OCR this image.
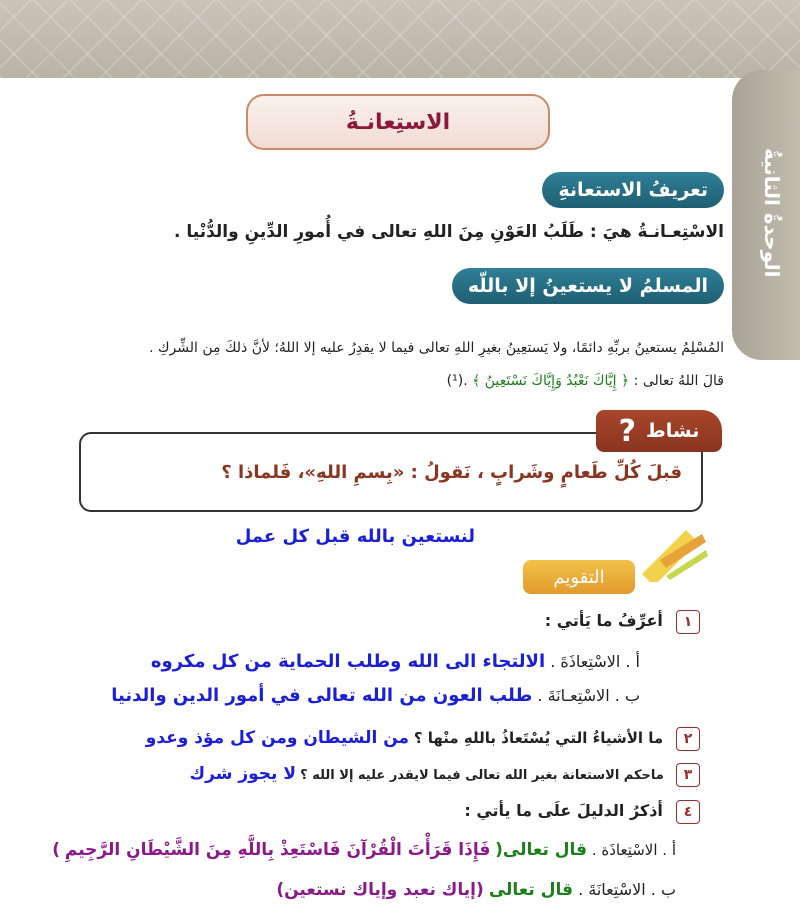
الوحدةُ الثانيةُ
الاستِعانـةُ
تعريفُ الاستعانةِ
الاسْتِعـانـةُ هيَ : طَلَبُ العَوْنِ مِنَ اللهِ تعالى في أُمورِ الدِّينِ والدُّنْيا .
المسلمُ لا يستعينُ إلا باللّه
المُسْلِمُ يستعينُ بربِّهِ دائمًا، ولا يَستعِينُ بغيرِ اللهِ تعالى فيما لا يقدِرُ عليه إلا اللهُ؛ لأنَّ ذلكَ مِن الشِّركِ .
قالَ اللهُ تعالى : ﴿ إِيَّاكَ نَعْبُدُ وَإِيَّاكَ نَسْتَعِينُ ﴾ .(¹)
نشاط
?
قبلَ كُلِّ طَعامٍ وشَرابٍ ، نَقولُ : «بِسمِ اللهِ»، فَلماذا ؟
لنستعين بالله قبل كل عمل
التقويم
١ أعرِّفُ ما يَأتي :
أ . الاسْتِعاذَةَ . الالتجاء الى الله وطلب الحماية من كل مكروه
ب . الاسْتِعـانَةَ . طلب العون من الله تعالى في أمور الدين والدنيا
٢ ما الأشياءُ التي يُسْتَعاذُ باللهِ منْها ؟ من الشيطان ومن كل مؤذ وعدو
٣ ماحكم الاستعانة بغير الله تعالى فيما لايقدر عليه إلا الله ؟ لا يجوز شرك
٤ أذكرُ الدليلَ علَى ما يأتي :
أ . الاسْتِعاذَة . قال تعالى( فَإِذَا قَرَأْتَ الْقُرْآنَ فَاسْتَعِذْ بِاللَّهِ مِنَ الشَّيْطَانِ الرَّجِيمِ )
ب . الاسْتِعانَةَ . قال تعالى (إياك نعبد وإياك نستعين)
